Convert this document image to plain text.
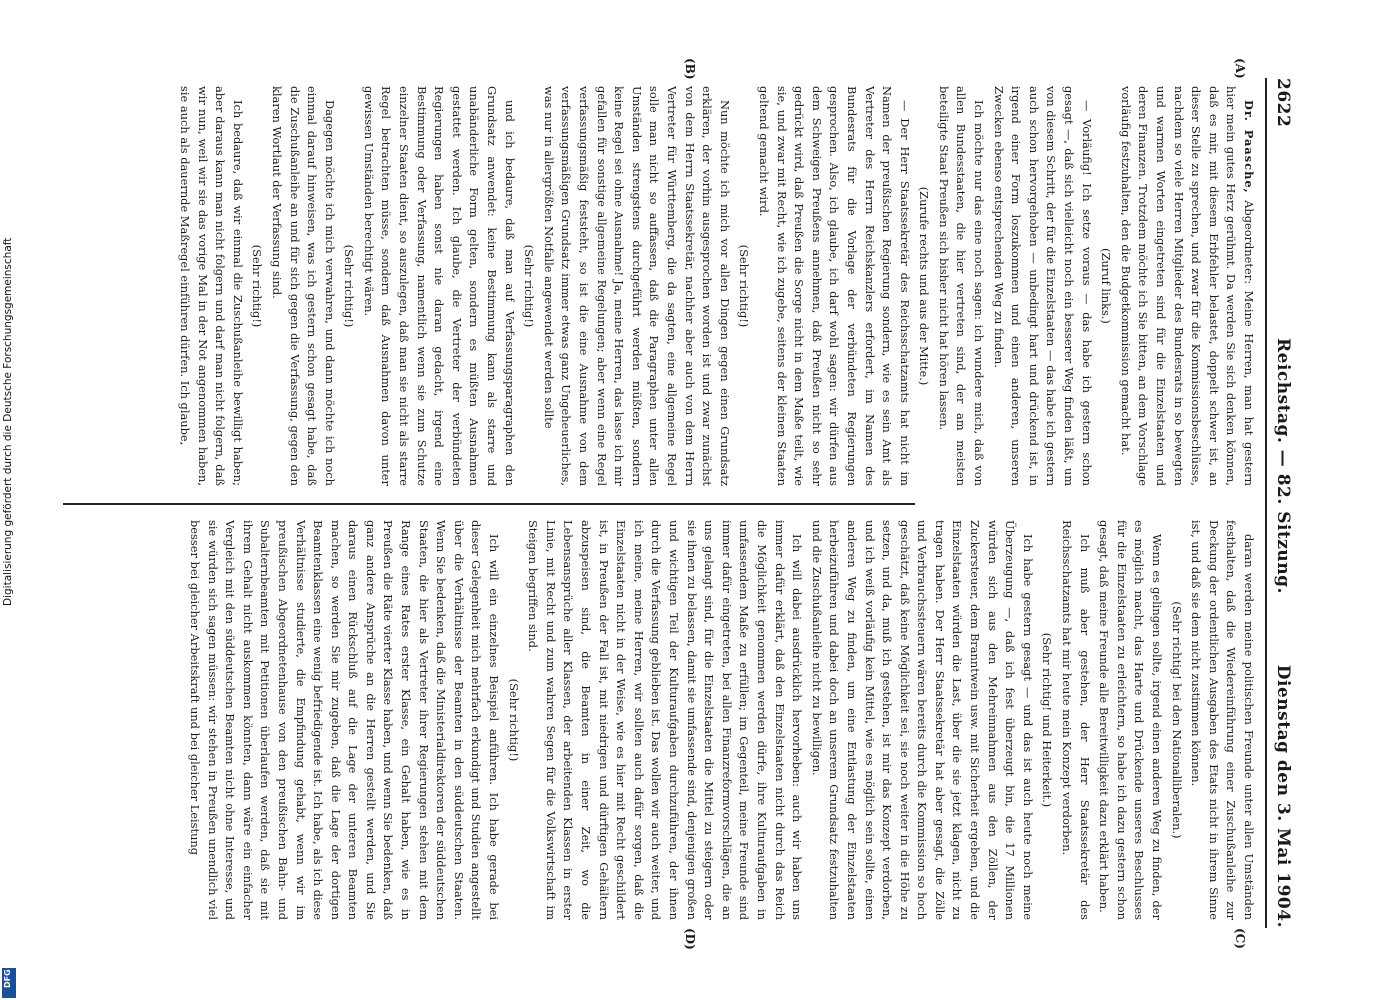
2622
Reichstag. — 82. Sitzung.
Dienstag den 3. Mai 1904.
(A)
(B)
(C)
(D)

Dr. Paasche, Abgeordneter: Meine Herren, man hat gestern hier mein gutes Herz gerühmt. Da werden Sie sich denken können, daß es mir, mit diesem Erbfehler belastet, doppelt schwer ist, an dieser Stelle zu sprechen, und zwar für die Kommissionsbeschlüsse, nachdem so viele Herren Mitglieder des Bundesrats in so bewegten und warmen Worten eingetreten sind für die Einzelstaaten und deren Finanzen. Trotzdem möchte ich Sie bitten, an dem Vorschlage vorläufig festzuhalten, den die Budgetkommission gemacht hat.

(Zuruf links.)

— Vorläufig! Ich setze voraus — das habe ich gestern schon gesagt —, daß sich vielleicht noch ein besserer Weg finden läßt, um von diesem Schritt, der für die Einzelstaaten — das habe ich gestern auch schon hervorgehoben — unbedingt hart und drückend ist, in irgend einer Form loszukommen und einen anderen, unseren Zwecken ebenso entsprechenden Weg zu finden.

Ich möchte nur das eine noch sagen: ich wundere mich, daß von allen Bundesstaaten, die hier vertreten sind, der am meisten beteiligte Staat Preußen sich bisher nicht hat hören lassen.

(Zurufe rechts und aus der Mitte.)

— Der Herr Staatssekretär des Reichsschatzamts hat nicht im Namen der preußischen Regierung sondern, wie es sein Amt als Vertreter des Herrn Reichskanzlers erfordert, im Namen des Bundesrats für die Vorlage der verbündeten Regierungen gesprochen. Also, ich glaube, ich darf wohl sagen: wir dürfen aus dem Schweigen Preußens annehmen, daß Preußen nicht so sehr gedrückt wird, daß Preußen die Sorge nicht in dem Maße teilt, wie sie, und zwar mit Recht, wie ich zugebe, seitens der kleinen Staaten geltend gemacht wird.

(Sehr richtig!)

Nun möchte ich mich vor allen Dingen gegen einen Grundsatz erklären, der vorhin ausgesprochen worden ist und zwar zunächst von dem Herrn Staatssekretär, nachher aber auch von dem Herrn Vertreter für Württemberg, die da sagten, eine allgemeine Regel solle man nicht so auffassen, daß die Paragraphen unter allen Umständen strengstens durchgeführt werden müßten, sondern keine Regel sei ohne Ausnahme! Ja, meine Herren, das lasse ich mir gefallen für sonstige allgemeine Regelungen; aber wenn eine Regel verfassungsmäßig feststeht, so ist die eine Ausnahme von dem verfassungsmäßigen Grundsatz immer etwas ganz Ungeheuerliches, was nur in allergrößten Notfalle angewendet werden sollte

(Sehr richtig!)

und ich bedaure, daß man auf Verfassungsparagraphen den Grundsatz anwendet: keine Bestimmung kann als starre und unabänderliche Form gelten, sondern es müßten Ausnahmen gestattet werden. Ich glaube, die Vertreter der verbündeten Regierungen haben sonst nie daran gedacht, irgend eine Bestimmung oder Verfassung, namentlich wenn sie zum Schutze einzelner Staaten dient, so auszulegen, daß man sie nicht als starre Regel betrachten müsse, sondern daß Ausnahmen davon unter gewissen Umständen berechtigt wären.

(Sehr richtig!)

Dagegen möchte ich mich verwahren, und dann möchte ich noch einmal darauf hinweisen, was ich gestern schon gesagt habe, daß die Zuschußanleihe an und für sich gegen die Verfassung, gegen den klaren Wortlaut der Verfassung sind.

(Sehr richtig!)

Ich bedaure, daß wir einmal die Zuschußanleihe bewilligt haben; aber daraus kann man nicht folgern und darf man nicht folgern, daß wir nun, weil wir sie das vorige Mal in der Not angenommen haben, sie auch als dauernde Maßregel einführen dürfen. Ich glaube,

daran werden meine politischen Freunde unter allen Umständen festhalten, daß die Wiedereinführung einer Zuschußanleihe zur Deckung der ordentlichen Ausgaben des Etats nicht in ihrem Sinne ist, und daß sie dem nicht zustimmen können.

(Sehr richtig! bei den Nationalliberalen.)

Wenn es gelingen sollte, irgend einen anderen Weg zu finden, der es möglich macht, das Harte und Drückende unseres Beschlusses für die Einzelstaaten zu erleichtern, so habe ich dazu gestern schon gesagt, daß meine Freunde alle Bereitwilligkeit dazu erklärt haben.

Ich muß aber gestehen, der Herr Staatssekretär des Reichsschatzamts hat mir heute mein Konzept verdorben.

(Sehr richtig! und Heiterkeit.)

Ich habe gestern gesagt — und das ist auch heute noch meine Überzeugung —, daß ich fest überzeugt bin, die 17 Millionen würden sich aus den Mehreinnahmen aus den Zöllen, der Zuckersteuer, dem Branntwein usw. mit Sicherheit ergeben, und die Einzelstaaten würden die Last, über die sie jetzt klagen, nicht zu tragen haben. Der Herr Staatssekretär hat aber gesagt, die Zölle und Verbrauchssteuern wären bereits durch die Kommission so hoch geschätzt, daß keine Möglichkeit sei, sie noch weiter in die Höhe zu setzen, und da, muß ich gestehen, ist mir das Konzept verdorben, und ich weiß vorläufig kein Mittel, wie es möglich sein sollte, einen anderen Weg zu finden, um eine Entlastung der Einzelstaaten herbeizuführen und dabei doch an unserem Grundsatz festzuhalten und die Zuschußanleihe nicht zu bewilligen.

Ich will dabei ausdrücklich hervorheben: auch wir haben uns immer dafür erklärt, daß den Einzelstaaten nicht durch das Reich die Möglichkeit genommen werden dürfe, ihre Kulturaufgaben in umfassendem Maße zu erfüllen; im Gegenteil, meine Freunde sind immer dafür eingetreten, bei allen Finanzreformvorschlägen, die an uns gelangt sind, für die Einzelstaaten die Mittel zu steigern oder sie ihnen zu belassen, damit sie umfassende sind, denjenigen großen und wichtigen Teil der Kulturaufgaben durchzuführen, der ihnen durch die Verfassung geblieben ist. Das wollen wir auch weiter, und ich meine, meine Herren, wir sollten auch dafür sorgen, daß die Einzelstaaten nicht in der Weise, wie es hier mit Recht geschildert ist, in Preußen der Fall ist, mit niedrigen und dürftigen Gehältern abzuspeisen sind, die Beamten in einer Zeit, wo die Lebensansprüche aller Klassen, der arbeitenden Klassen in erster Linie, mit Recht und zum wahren Segen für die Volkswirtschaft im Steigen begriffen sind.

(Sehr richtig!)

Ich will ein einzelnes Beispiel anführen. Ich habe gerade bei dieser Gelegenheit mich mehrfach erkundigt und Studien angestellt über die Verhältnisse der Beamten in den süddeutschen Staaten. Wenn Sie bedenken, daß die Ministerialdirektoren der süddeutschen Staaten, die hier als Vertreter ihrer Regierungen stehen mit dem Range eines Rates erster Klasse, ein Gehalt haben, wie es in Preußen die Räte vierter Klasse haben, und wenn Sie bedenken, daß ganz andere Ansprüche an die Herren gestellt werden, und Sie daraus einen Rückschluß auf die Lage der unteren Beamten machen, so werden Sie mir zugeben, daß die Lage der dortigen Beamtenklassen eine wenig befriedigende ist. Ich habe, als ich diese Verhältnisse studierte, die Empfindung gehabt, wenn wir im preußischen Abgeordnetenhause von den preußischen Bahn- und Subalternbeamten mit Petitionen überlaufen werden, daß sie mit ihrem Gehalt nicht auskommen könnten, dann wäre ein einfacher Vergleich mit den süddeutschen Beamten nicht ohne Interesse, und sie würden sich sagen müssen: wir stehen in Preußen unendlich viel besser bei gleicher Arbeitskraft und bei gleicher Leistung

Digitalisierung gefördert durch die Deutsche Forschungsgemeinschaft
DFG
